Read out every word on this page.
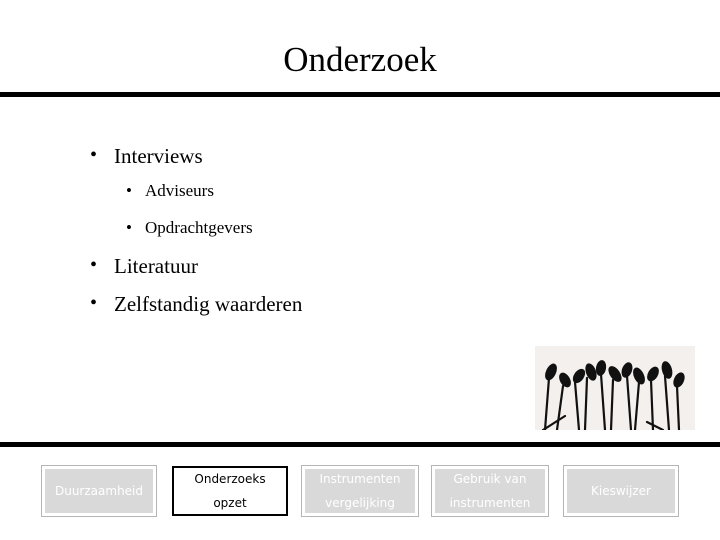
Onderzoek
• Interviews
• Adviseurs
• Opdrachtgevers
• Literatuur
• Zelfstandig waarderen
Duurzaamheid
Onderzoeks
opzet
Instrumenten
vergelijking
Gebruik van
instrumenten
Kieswijzer
